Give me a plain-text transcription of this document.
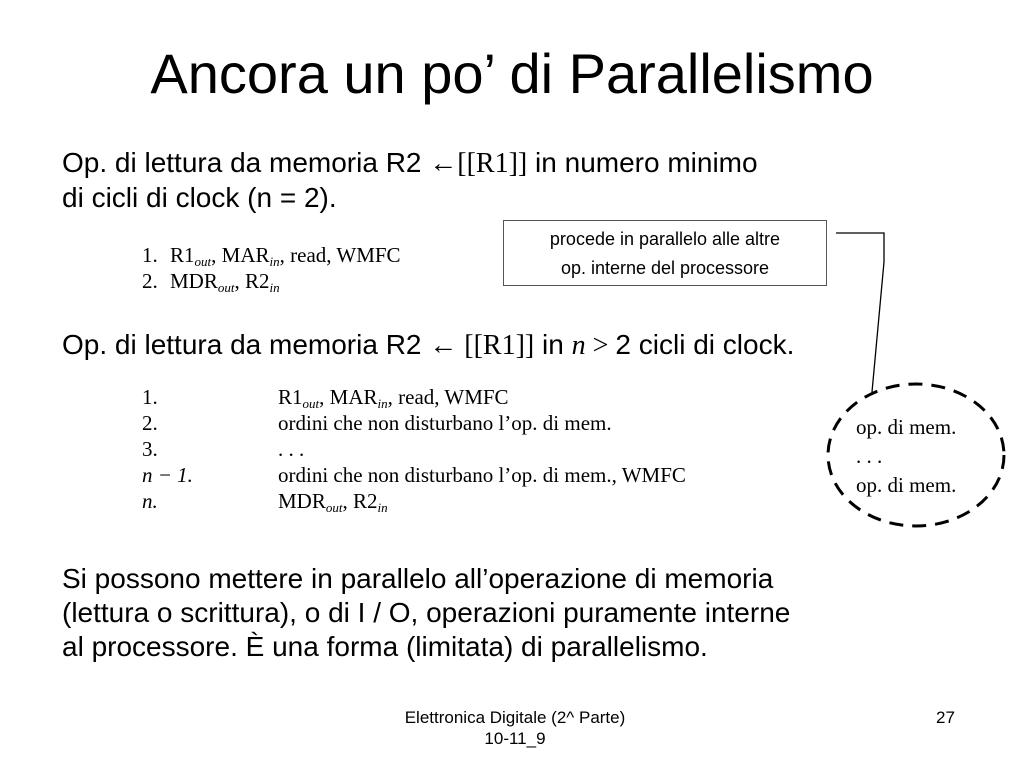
Ancora un po’ di Parallelismo
Op. di lettura da memoria R2 ←[[R1]] in numero minimo
di cicli di clock (n = 2).
procede in parallelo alle altre
op. interne del processore
1. $R1_{out}$, $MAR_{in}$, read, WMFC
2. $MDR_{out}$, $R2_{in}$
Op. di lettura da memoria R2 ← [[R1]] in n > 2 cicli di clock.
1.	$R1_{out}$, $MAR_{in}$, read, WMFC
2.	ordini che non disturbano l’op. di mem.
3.	. . .
n − 1.	ordini che non disturbano l’op. di mem., WMFC
n.	$MDR_{out}$, $R2_{in}$
op. di mem.
. . .
op. di mem.
Si possono mettere in parallelo all’operazione di memoria
(lettura o scrittura), o di I / O, operazioni puramente interne
al processore. È una forma (limitata) di parallelismo.
Elettronica Digitale (2^ Parte)
10-11_9
27
